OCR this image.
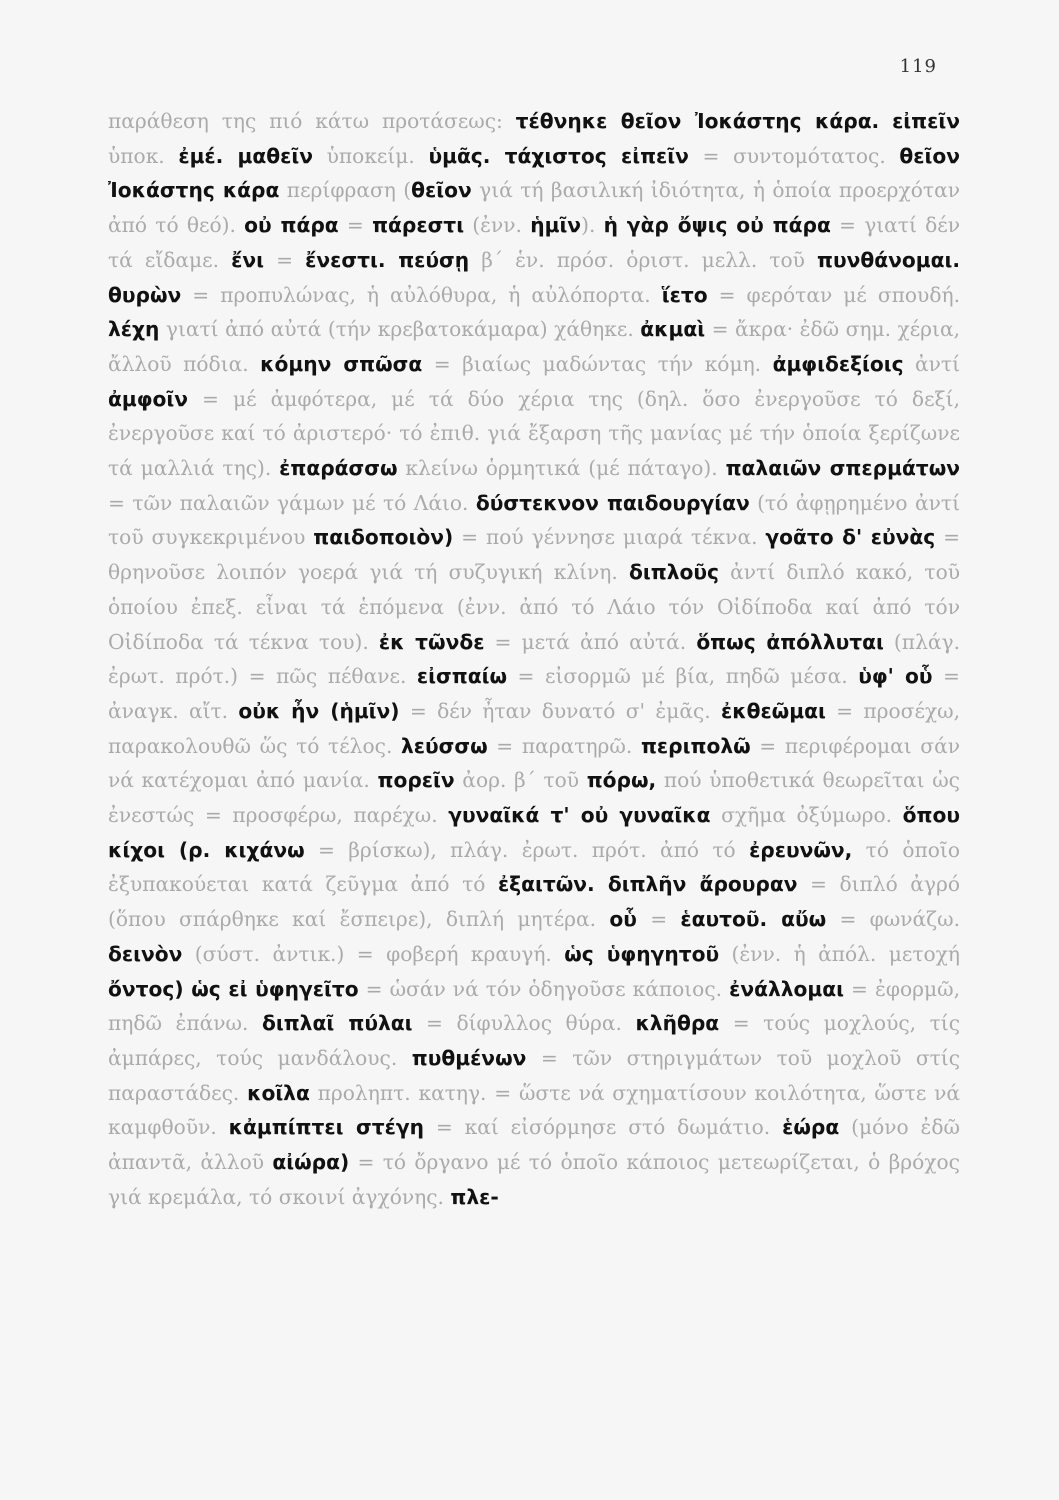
119

παράθεση της πιό κάτω προτάσεως: τέθνηκε θεῖον Ἰοκάστης κάρα. εἰπεῖν ὑποκ. ἐμέ. μαθεῖν ὑποκείμ. ὑμᾶς. τάχιστος εἰπεῖν = συντομότατος. θεῖον Ἰοκάστης κάρα περίφραση (θεῖον γιά τή βασιλική ἰδιότητα, ἡ ὁποία προερχόταν ἀπό τό θεό). οὐ πάρα = πάρεστι (ἐνν. ἡμῖν). ἡ γὰρ ὄψις οὐ πάρα = γιατί δέν τά εἴδαμε. ἔνι = ἔνεστι. πεύσῃ β΄ ἑν. πρόσ. ὁριστ. μελλ. τοῦ πυνθάνομαι. θυρὼν = προπυλώνας, ἡ αὐλόθυρα, ἡ αὐλόπορτα. ἵετο = φερόταν μέ σπουδή. λέχη γιατί ἀπό αὐτά (τήν κρεβατοκάμαρα) χάθηκε. ἀκμαὶ = ἄκρα· ἐδῶ σημ. χέρια, ἄλλοῦ πόδια. κόμην σπῶσα = βιαίως μαδώντας τήν κόμη. ἀμφιδεξίοις ἀντί ἀμφοῖν = μέ ἀμφότερα, μέ τά δύο χέρια της (δηλ. ὅσο ἐνεργοῦσε τό δεξί, ἐνεργοῦσε καί τό ἀριστερό· τό ἐπιθ. γιά ἔξαρση τῆς μανίας μέ τήν ὁποία ξερίζωνε τά μαλλιά της). ἐπαράσσω κλείνω ὁρμητικά (μέ πάταγο). παλαιῶν σπερμάτων = τῶν παλαιῶν γάμων μέ τό Λάιο. δύστεκνον παιδουργίαν (τό ἀφῃρημένο ἀντί τοῦ συγκεκριμένου παιδοποιὸν) = πού γέννησε μιαρά τέκνα. γοᾶτο δ' εὐνὰς = θρηνοῦσε λοιπόν γοερά γιά τή συζυγική κλίνη. διπλοῦς ἀντί διπλό κακό, τοῦ ὁποίου ἐπεξ. εἶναι τά ἑπόμενα (ἐνν. ἀπό τό Λάιο τόν Οἰδίποδα καί ἀπό τόν Οἰδίποδα τά τέκνα του). ἐκ τῶνδε = μετά ἀπό αὐτά. ὅπως ἀπόλλυται (πλάγ. ἐρωτ. πρότ.) = πῶς πέθανε. εἰσπαίω = εἰσορμῶ μέ βία, πηδῶ μέσα. ὑφ' οὗ = ἀναγκ. αἴτ. οὐκ ἦν (ἡμῖν) = δέν ἦταν δυνατό σ' ἐμᾶς. ἐκθεῶμαι = προσέχω, παρακολουθῶ ὥς τό τέλος. λεύσσω = παρατηρῶ. περιπολῶ = περιφέρομαι σάν νά κατέχομαι ἀπό μανία. πορεῖν ἀορ. β΄ τοῦ πόρω, πού ὑποθετικά θεωρεῖται ὡς ἐνεστώς = προσφέρω, παρέχω. γυναῖκά τ' οὐ γυναῖκα σχῆμα ὀξύμωρο. ὅπου κίχοι (ρ. κιχάνω = βρίσκω), πλάγ. ἐρωτ. πρότ. ἀπό τό ἐρευνῶν, τό ὁποῖο ἐξυπακούεται κατά ζεῦγμα ἀπό τό ἐξαιτῶν. διπλῆν ἄρουραν = διπλό ἀγρό (ὅπου σπάρθηκε καί ἔσπειρε), διπλή μητέρα. οὗ = ἑαυτοῦ. αὔω = φωνάζω. δεινὸν (σύστ. ἀντικ.) = φοβερή κραυγή. ὡς ὑφηγητοῦ (ἐνν. ἡ ἀπόλ. μετοχή ὄντος) ὡς εἰ ὑφηγεῖτο = ὡσάν νά τόν ὁδηγοῦσε κάποιος. ἐνάλλομαι = ἐφορμῶ, πηδῶ ἐπάνω. διπλαῖ πύλαι = δίφυλλος θύρα. κλῆθρα = τούς μοχλούς, τίς ἀμπάρες, τούς μανδάλους. πυθμένων = τῶν στηριγμάτων τοῦ μοχλοῦ στίς παραστάδες. κοῖλα προληπτ. κατηγ. = ὥστε νά σχηματίσουν κοιλότητα, ὥστε νά καμφθοῦν. κἀμπίπτει στέγη = καί εἰσόρμησε στό δωμάτιο. ἑώρα (μόνο ἐδῶ ἀπαντᾶ, ἀλλοῦ αἰώρα) = τό ὄργανο μέ τό ὁποῖο κάποιος μετεωρίζεται, ὁ βρόχος γιά κρεμάλα, τό σκοινί ἀγχόνης. πλε-
